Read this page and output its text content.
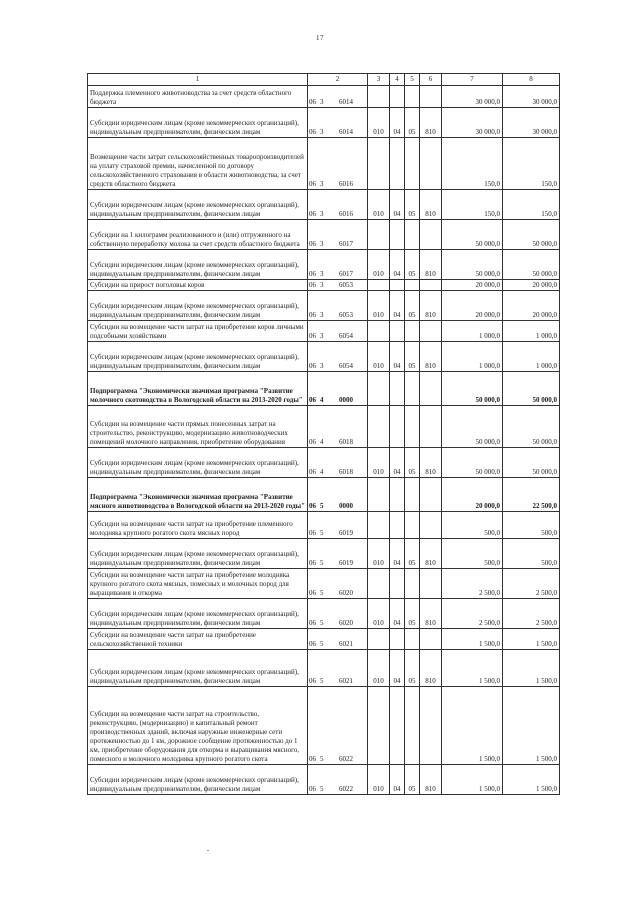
17
1	2	3	4	5	6	7	8
Поддержка племенного животноводства за счет средств областного бюджета	06 3 6014					30 000,0	30 000,0
Субсидии юридическим лицам (кроме некоммерческих организаций), индивидуальным предпринимателям, физическим лицам	06 3 6014	010	04	05	810	30 000,0	30 000,0
Возмещение части затрат сельскохозяйственных товаропроизводителей на уплату страховой премии, начисленной по договору сельскохозяйственного страхования в области животноводства, за счет средств областного бюджета	06 3 6016					150,0	150,0
Субсидии юридическим лицам (кроме некоммерческих организаций), индивидуальным предпринимателям, физическим лицам	06 3 6016	010	04	05	810	150,0	150,0
Субсидии на 1 килограмм реализованного и (или) отгруженного на собственную переработку молока за счет средств областного бюджета	06 3 6017					50 000,0	50 000,0
Субсидии юридическим лицам (кроме некоммерческих организаций), индивидуальным предпринимателям, физическим лицам	06 3 6017	010	04	05	810	50 000,0	50 000,0
Субсидии на прирост поголовья коров	06 3 6053					20 000,0	20 000,0
Субсидии юридическим лицам (кроме некоммерческих организаций), индивидуальным предпринимателям, физическим лицам	06 3 6053	010	04	05	810	20 000,0	20 000,0
Субсидии на возмещение части затрат на приобретение коров личными подсобными хозяйствами	06 3 6054					1 000,0	1 000,0
Субсидии юридическим лицам (кроме некоммерческих организаций), индивидуальным предпринимателям, физическим лицам	06 3 6054	010	04	05	810	1 000,0	1 000,0
Подпрограмма "Экономически значимая программа "Развитие молочного скотоводства в Вологодской области на 2013-2020 годы"	06 4 0000					50 000,0	50 000,0
Субсидии на возмещение части прямых понесенных затрат на строительство, реконструкцию, модернизацию животноводческих помещений молочного направления, приобретение оборудования	06 4 6018					50 000,0	50 000,0
Субсидии юридическим лицам (кроме некоммерческих организаций), индивидуальным предпринимателям, физическим лицам	06 4 6018	010	04	05	810	50 000,0	50 000,0
Подпрограмма "Экономически значимая программа "Развитие мясного животноводства в Вологодской области на 2013-2020 годы"	06 5 0000					20 000,0	22 500,0
Субсидии на возмещение части затрат на приобретение племенного молодняка крупного рогатого скота мясных пород	06 5 6019					500,0	500,0
Субсидии юридическим лицам (кроме некоммерческих организаций), индивидуальным предпринимателям, физическим лицам	06 5 6019	010	04	05	810	500,0	500,0
Субсидии на возмещение части затрат на приобретение молодняка крупного рогатого скота мясных, помесных и молочных пород для выращивания и откорма	06 5 6020					2 500,0	2 500,0
Субсидии юридическим лицам (кроме некоммерческих организаций), индивидуальным предпринимателям, физическим лицам	06 5 6020	010	04	05	810	2 500,0	2 500,0
Субсидии на возмещение части затрат на приобретение сельскохозяйственной техники	06 5 6021					1 500,0	1 500,0
Субсидии юридическим лицам (кроме некоммерческих организаций), индивидуальным предпринимателям, физическим лицам	06 5 6021	010	04	05	810	1 500,0	1 500,0
Субсидии на возмещение части затрат на строительство, реконструкцию, (модернизацию) и капитальный ремонт производственных зданий, включая наружные инженерные сети протяженностью до 1 км, дорожное сообщение протяженностью до 1 км, приобретение оборудования для откорма и выращивания мясного, помесного и молочного молодняка крупного рогатого скота	06 5 6022					1 500,0	1 500,0
Субсидии юридическим лицам (кроме некоммерческих организаций), индивидуальным предпринимателям, физическим лицам	06 5 6022	010	04	05	810	1 500,0	1 500,0
